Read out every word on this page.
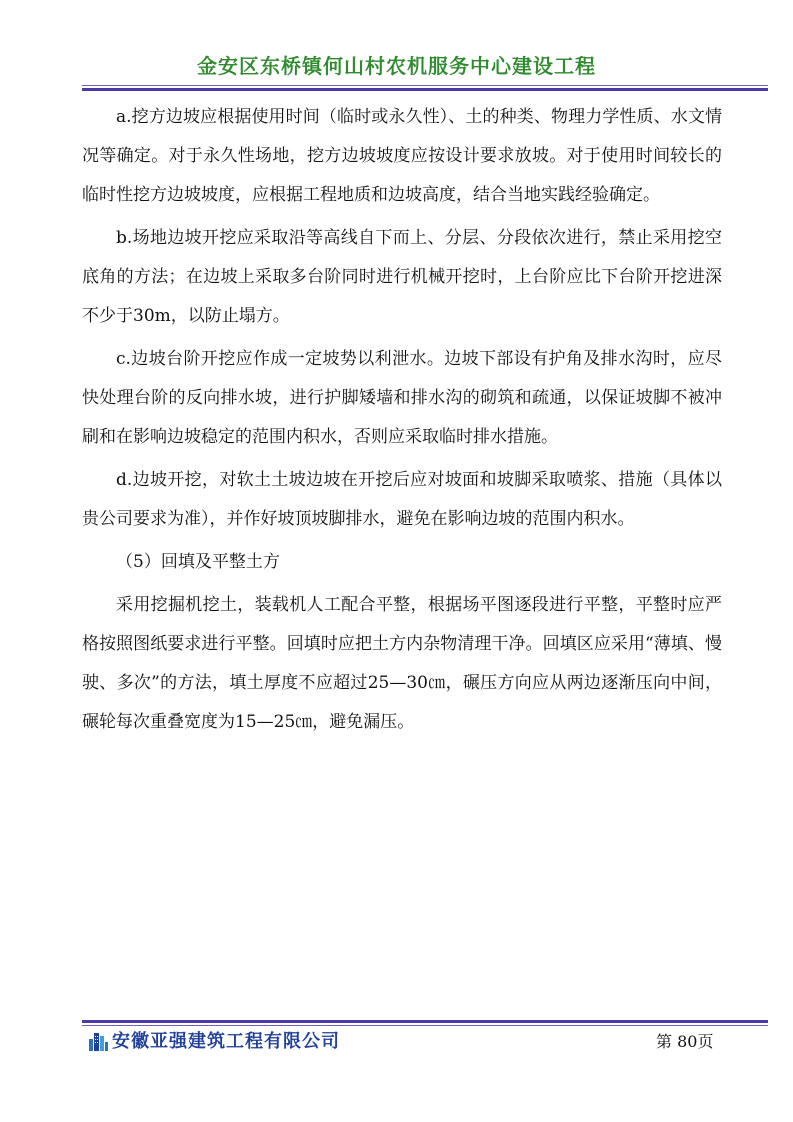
金安区东桥镇何山村农机服务中心建设工程

a.挖方边坡应根据使用时间（临时或永久性）、土的种类、物理力学性质、水文情况等确定。对于永久性场地，挖方边坡坡度应按设计要求放坡。对于使用时间较长的临时性挖方边坡坡度，应根据工程地质和边坡高度，结合当地实践经验确定。

b.场地边坡开挖应采取沿等高线自下而上、分层、分段依次进行，禁止采用挖空底角的方法；在边坡上采取多台阶同时进行机械开挖时，上台阶应比下台阶开挖进深不少于30m，以防止塌方。

c.边坡台阶开挖应作成一定坡势以利泄水。边坡下部设有护角及排水沟时，应尽快处理台阶的反向排水坡，进行护脚矮墙和排水沟的砌筑和疏通，以保证坡脚不被冲刷和在影响边坡稳定的范围内积水，否则应采取临时排水措施。

d.边坡开挖，对软土土坡边坡在开挖后应对坡面和坡脚采取喷浆、措施（具体以贵公司要求为准），并作好坡顶坡脚排水，避免在影响边坡的范围内积水。

（5）回填及平整土方

采用挖掘机挖土，装载机人工配合平整，根据场平图逐段进行平整，平整时应严格按照图纸要求进行平整。回填时应把土方内杂物清理干净。回填区应采用“薄填、慢驶、多次”的方法，填土厚度不应超过25—30㎝，碾压方向应从两边逐渐压向中间，碾轮每次重叠宽度为15—25㎝，避免漏压。

安徽亚强建筑工程有限公司	第 80页
